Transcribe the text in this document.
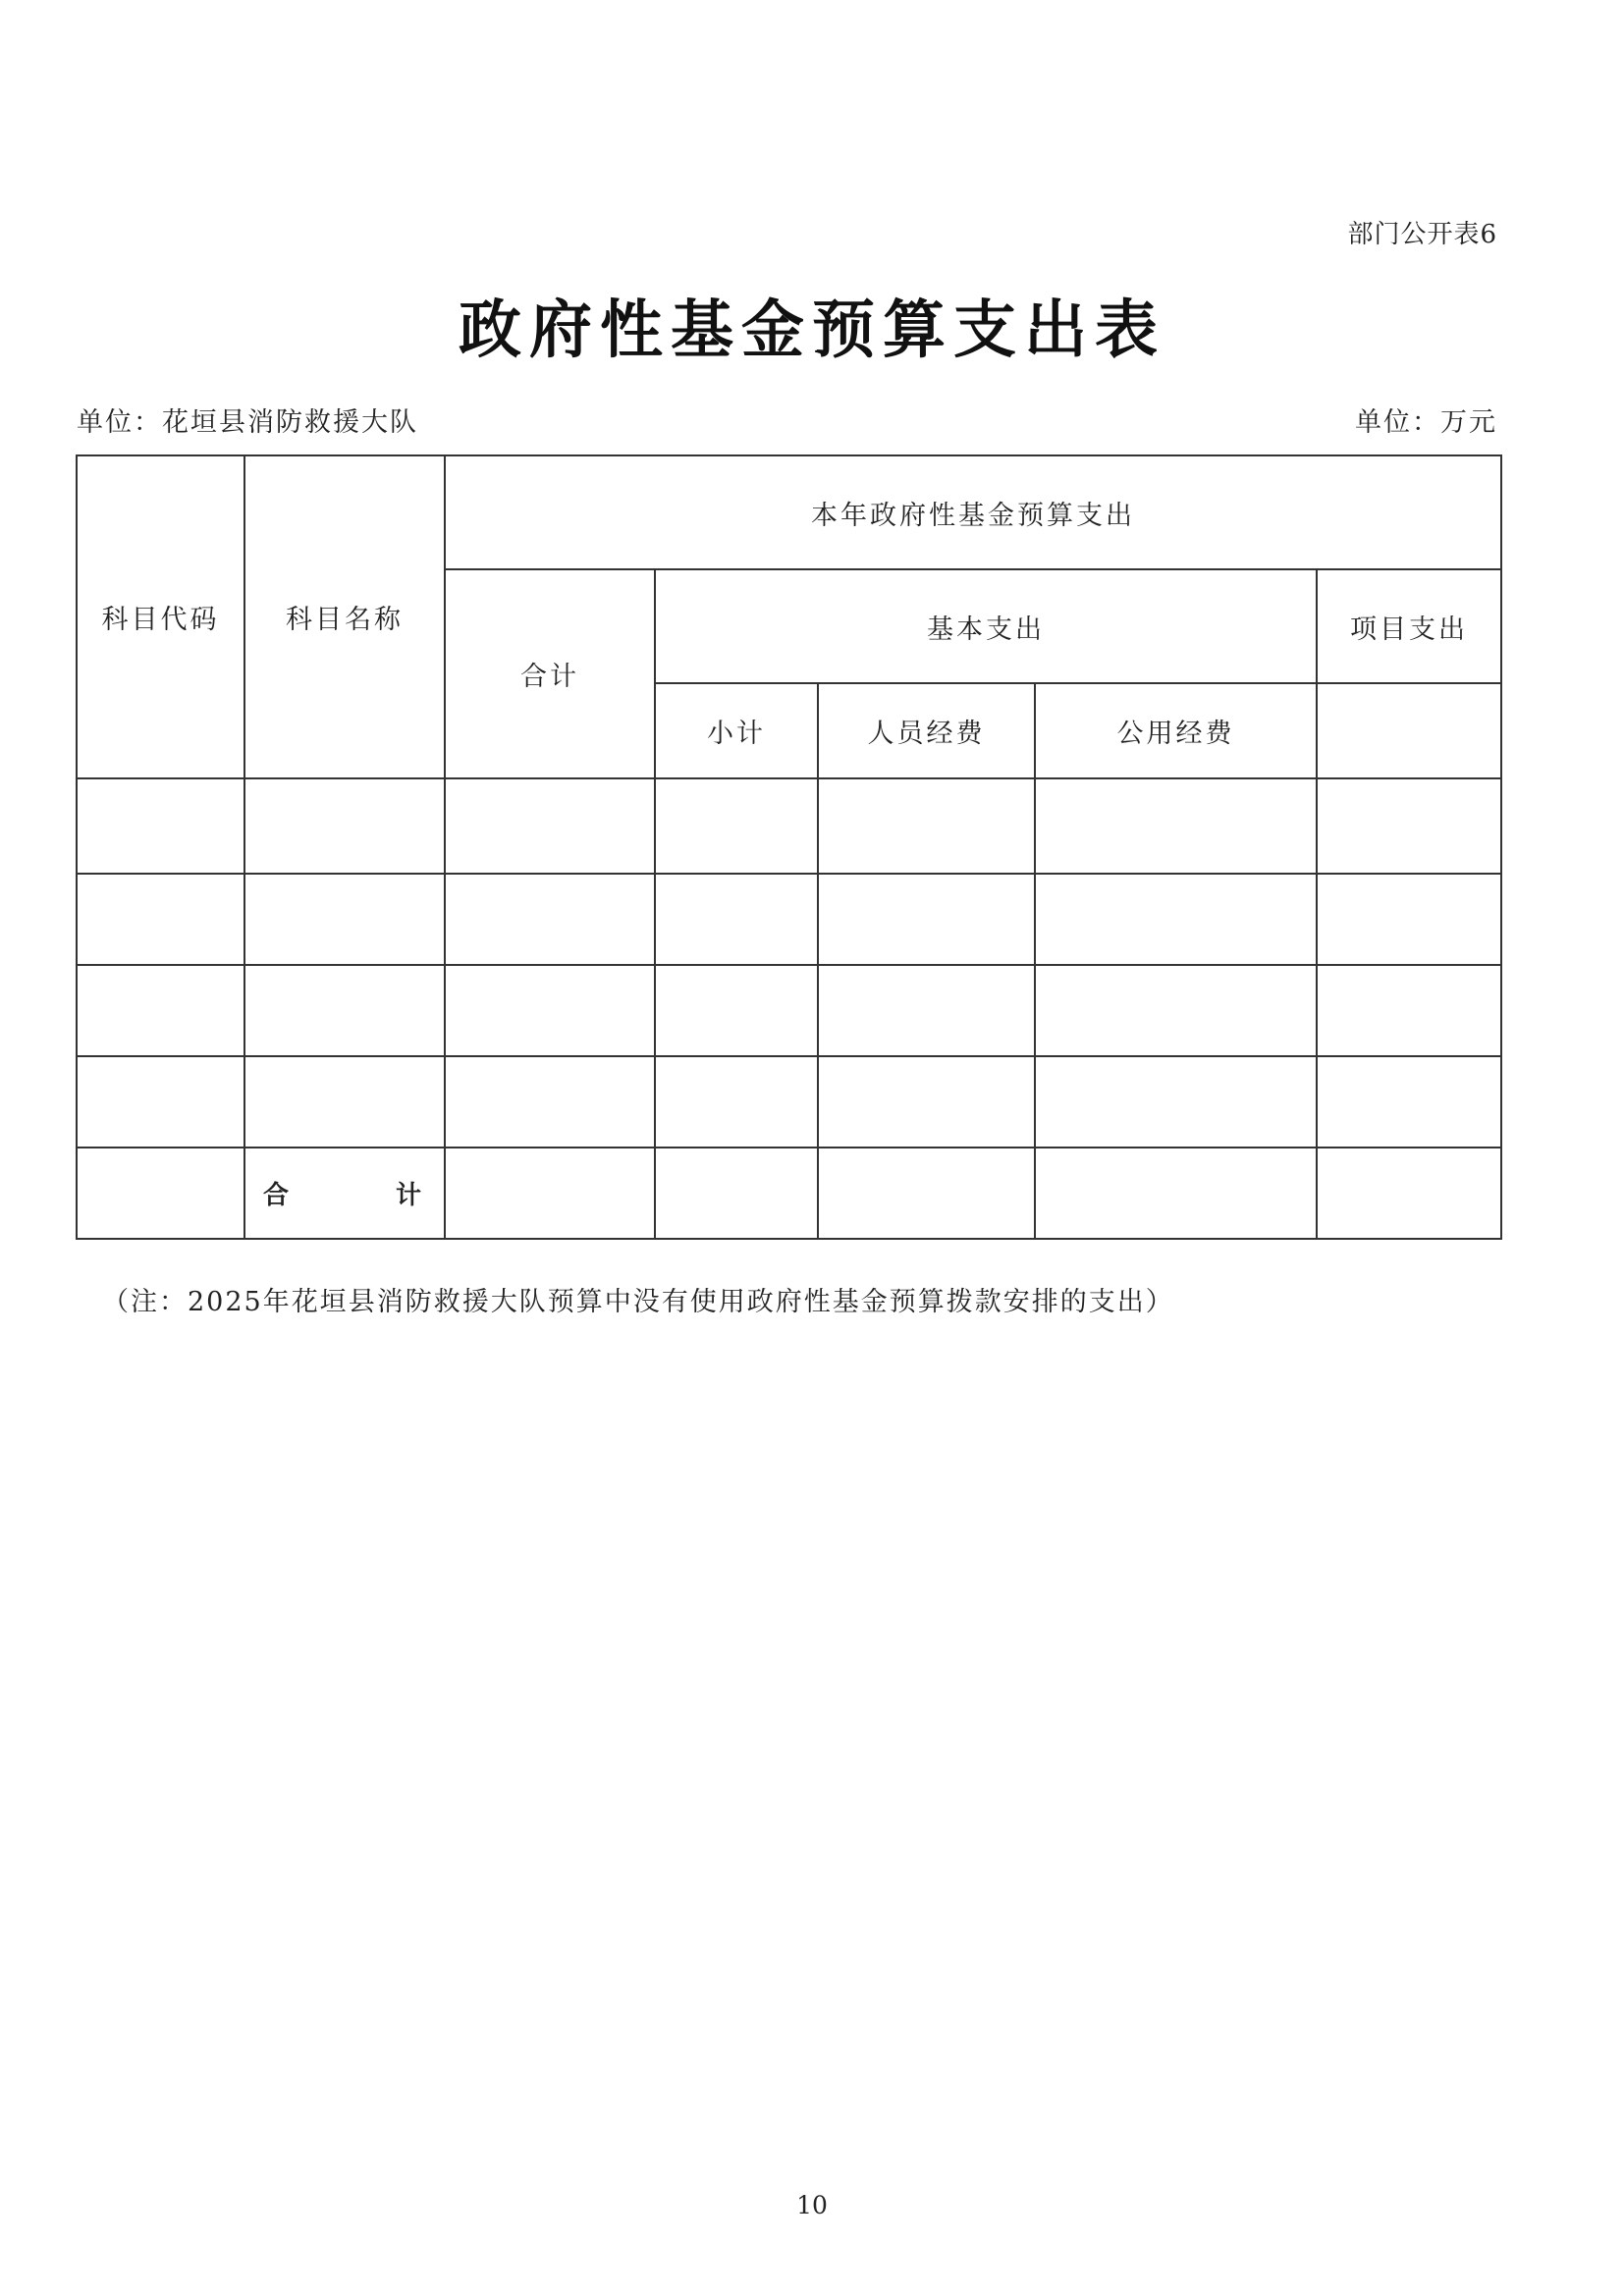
部门公开表6
政府性基金预算支出表
单位：花垣县消防救援大队	单位：万元
科目代码	科目名称	本年政府性基金预算支出				
		合计	基本支出			项目支出
			小计	人员经费	公用经费	

	合 计					

（注：2025年花垣县消防救援大队预算中没有使用政府性基金预算拨款安排的支出）
10
